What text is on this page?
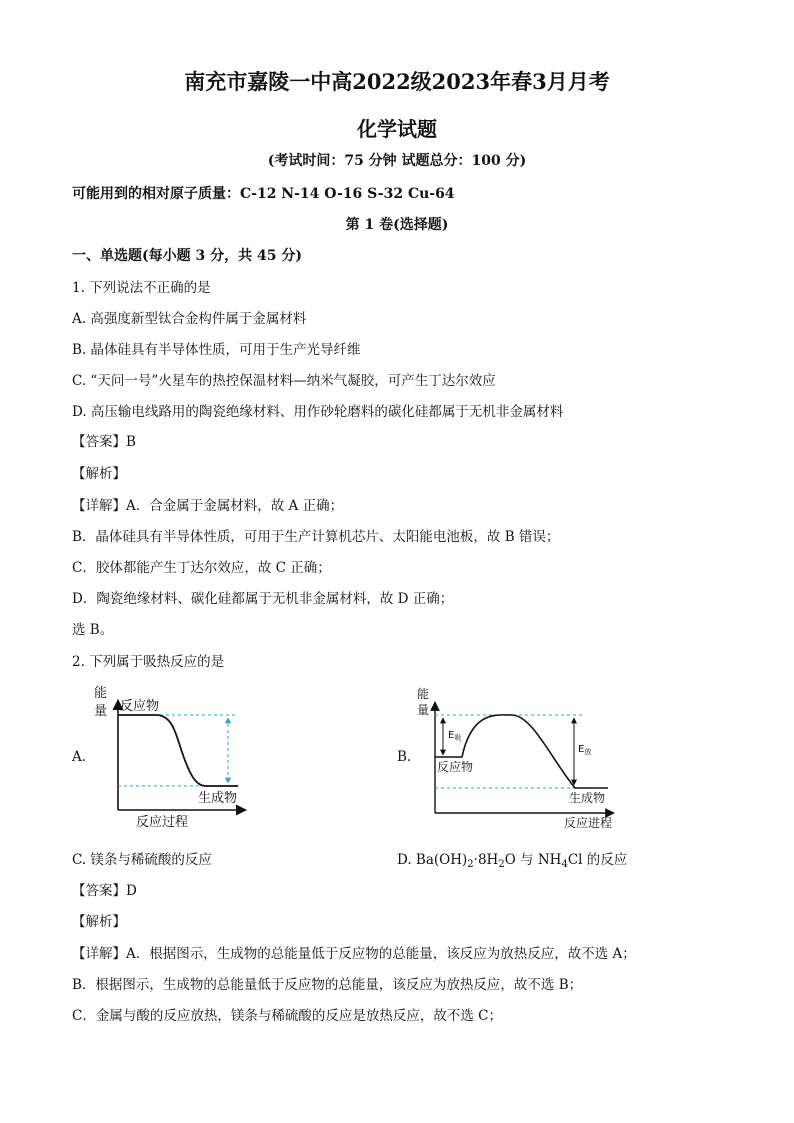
南充市嘉陵一中高2022级2023年春3月月考
化学试题
(考试时间：75 分钟 试题总分：100 分)
可能用到的相对原子质量：C-12 N-14 O-16 S-32 Cu-64
第 1 卷(选择题)
一、单选题(每小题 3 分，共 45 分)
1. 下列说法不正确的是
A. 高强度新型钛合金构件属于金属材料
B. 晶体硅具有半导体性质，可用于生产光导纤维
C. “天问一号”火星车的热控保温材料—纳米气凝胶，可产生丁达尔效应
D. 高压输电线路用的陶瓷绝缘材料、用作砂轮磨料的碳化硅都属于无机非金属材料
【答案】B
【解析】
【详解】A．合金属于金属材料，故 A 正确；
B．晶体硅具有半导体性质，可用于生产计算机芯片、太阳能电池板，故 B 错误；
C．胶体都能产生丁达尔效应，故 C 正确；
D．陶瓷绝缘材料、碳化硅都属于无机非金属材料，故 D 正确；
选 B。
2. 下列属于吸热反应的是
A.
能
量 反应物
生成物
反应过程
B.
能
量
$E_吸$
$E_放$
反应物
生成物
反应进程
C. 镁条与稀硫酸的反应	D. $Ba(OH)_2\cdot 8H_2O$ 与 $NH_4Cl$ 的反应
【答案】D
【解析】
【详解】A．根据图示，生成物的总能量低于反应物的总能量，该反应为放热反应，故不选 A；
B．根据图示，生成物的总能量低于反应物的总能量，该反应为放热反应，故不选 B；
C．金属与酸的反应放热，镁条与稀硫酸的反应是放热反应，故不选 C；
